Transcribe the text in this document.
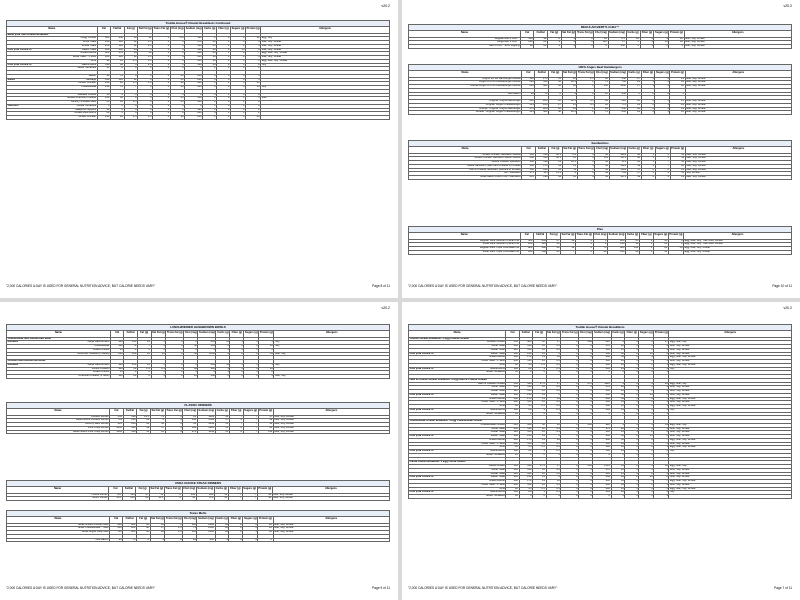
v20.2
Toddle House® Omelet Breakfasts Continued												
Name	Cal	FatCal	Fat (g)	Sat Fat (g)	Trans Fat (g)	Chol (mg)	Sodium (mg)	Carbs (g)	Fiber (g)	Sugars (g)	Protein (g)	Allergens
Build your own Omelet Breakfast												
3 Egg Omelet	400	340	38	12	0	570	520	2	0	2	12	Egg, Soy
White Toast	230	110	12	4.5	0	0	370	28	1	3	4	Milk, Soy, Wheat
Wheat Toast	220	110	12	4.5	0	0	330	25	3	2	4	Milk, Soy, Wheat

Plus your choice of Raisin Toast	300	130	14	6	0	0	360	38	2	16	6	Milk, Soy, Wheat
Grilled Biscuit	380	170	19	10	0	0	900	44	1	4	7	Egg, Milk, Soy, Wheat
Texas Toast - 1 Slice	200	110	12	4.5	0	0	300	19	1	2	3	Milk, Soy, Wheat
Grits	90	25	2.5	0.5	0	0	300	16	1	0	1	Egg, Milk, Soy, Wheat

Plus your choice of Hashbrowns	190	80	9	2.5	0	0	330	29	3	0	3	Soy
Sliced Tomatoes	10	0	0	0	0	0	0	2	1	1	1	

Bacon	90	70	8	3	0	20	350	0	0	0	5	

Meats Sausage	140	110	12	4	0	25	260	0	0	0	5	
Grilled Chicken	140	20	2.5	0.5	0	90	930	1	1	0	26	
Cheesesteak	130	70	7	3	0	50	300	0	0	0	16	Soy

Sauteed Onions	15	0	0	0	0	0	0	3	1	1	0	
Melted American Cheese	100	80	8	5	0	25	500	2	0	1	5	Milk
Hickory Smoked Ham	60	10	1.5	0	0	25	500	2	0	1	9	

Add-Ons Grilled Tomatoes	5	0	0	0	0	0	0	1	0	1	0	
Jalapeno Peppers	10	0	0	0	0	0	390	2	0	0	1	
Grilled Mushrooms	20	0	0	0	0	0	280	4	1	1	2	
Grilled Chicken	140	20	2.5	0.5	0	90	930	1	1	0	26	
"2,000 CALORIES A DAY IS USED FOR GENERAL NUTRITION ADVICE, BUT CALORIE NEEDS VARY"	Page 8 of 11
v20.2
REGULAR BERT'S CHILI™												
Name	Cal	FatCal	Fat (g)	Sat Fat (g)	Trans Fat (g)	Chol (mg)	Sodium (mg)	Carbs (g)	Fiber (g)	Sugars (g)	Protein (g)	Allergens
Regular Bert's Chili™	330	90	8	3	0	20	770	22	4	4	20	Milk, Soy, Wheat
Large Bert's Chili™	230	80	9	4	0	110	27	5	4	16	26	Milk, Soy, Wheat
Bert's Chili™ as a Topping	80	20	2	1	0	5	260	5	1	2	4	Milk, Soy, Wheat
100% Angus Beef Hamburgers												
Name	Cal	FatCal	Fat (g)	Sat Fat (g)	Trans Fat (g)	Chol (mg)	Sodium (mg)	Carbs (g)	Fiber (g)	Sugars (g)	Protein (g)	Allergens
Angus 1/4 LB Hamburger Deluxe	560	270	31	12	1.5	80	540	37	1	6	29	Milk, Soy, Wheat
Angus 1/4 LB Cheeseburger Deluxe	620	410	45	18.5	1	75	795	29	3	3	33	Milk, Soy, Wheat
Double Angus 1/4 LB Cheeseburger Deluxe	840	600	66	30	3	150	1160	37	1	9	60	Milk, Soy, Wheat

Add Bacon	90	70	8	3	0	20	350	0	0	0	5	

"Original" Angus Hamburger	465	200	22	12.5	0.5	80	520	38	2	3	21	Milk, Soy, Wheat
"Original" Angus Cheeseburger	515	240	27	15	0.5	90	770	39	2	3	24	Milk, Soy, Wheat
Double "Original" Angus Hamburger	575	280	32	16	1	90	550	38	2	3	33	Milk, Soy, Wheat
Double "Original" Angus Cheeseburger	625	420	46	18.5	1	75	800	39	2	3	35	Milk, Soy, Wheat
Sandwiches												
Name	Cal	FatCal	Fat (g)	Sat Fat (g)	Trans Fat (g)	Chol (mg)	Sodium (mg)	Carbs (g)	Fiber (g)	Sugars (g)	Protein (g)	Allergens
Grilled Chicken Sandwich Deluxe	490	190	20.5	8.5	0	90	1420	38	3	5	33	Milk, Soy, Wheat
Grilled Chicken Sandwich Bacon Deluxe	690	350	38.5	15	0	115	1670	38	3	5	39	Milk, Soy, Wheat
Grilled Cheese Sandwich	330	190	21	10.5	0	30	870	26	1	7	12	Milk, Soy, Wheat
Waffle Sandwich (Ham and Cheese on Wheat)	580	270	30	13	0	40	1320	59	3	7	20	Milk, Soy, Wheat
Fish & Cheese Sandwich (Lettuce & Tomato)	590	280	30	11	0	45	1060	57	2	8	23	Milk, Soy, Wheat
BLT Sandwich	275	115	13.5	4	0	40	780	27	1	4	12	Soy, Wheat
Texas Bacon Lover's BLT Sandwich	615	290	44	16	0	95	1470	39	2	4	23	Milk, Soy, Wheat
Pies												
Name	Cal	FatCal	Fat (g)	Sat Fat (g)	Trans Fat (g)	Chol (mg)	Sodium (mg)	Carbs (g)	Fiber (g)	Sugars (g)	Protein (g)	Allergens
Regular Slice Southern Pecan Pie	520	240	27	14	0	0	280	65	1	45	8	Egg, Milk, Soy, Tree Nuts, Wheat
Small Slice Southern Pecan Pie	260	120	13	7	0	0	140	33	1	23	4	Egg, Milk, Soy, Tree Nuts, Wheat
Regular Slice Triple Chocolate Pie	880	380	43	14	0	75	380	121	3	82	14	Egg, Milk, Soy, Wheat
Small Slice Triple Chocolate Pie	440	190	21	7	0	40	190	60	1	41	7	Egg, Milk, Soy, Wheat
"2,000 CALORIES A DAY IS USED FOR GENERAL NUTRITION ADVICE, BUT CALORIE NEEDS VARY"	Page 10 of 11
v20.2
LUNCH/DINNER HASHBROWN BOWLS												
Name	Cal	FatCal	Fat (g)	Sat Fat (g)	Trans Fat (g)	Chol (mg)	Sodium (mg)	Carbs (g)	Fiber (g)	Sugars (g)	Protein (g)	Allergens
Cheesesteak Melt Hashbrown Bowl												

Includes Large Hashbrowns	380	150	16	5	0	0	660	55	5	1	5	Soy
Cheesesteak	130	70	7	3	0	50	300	0	0	0	16	Soy
Grilled Onions	15	0	0	0	0	0	0	3	1	1	0	
American Cheese (2 Slices)	200	160	16	10	0	50	1000	4	0	2	10	Milk, Soy

Chicken Melt Hashbrown Bowl												

Includes Large Hashbrowns	380	150	16	5	0	0	660	55	5	1	5	Soy
Grilled Chicken	140	20	2.5	0.5	0	90	930	1	1	0	26	
Grilled Onions	15	0	0	0	0	0	0	3	1	1	0	
American Cheese (1 Slice)	100	80	8	5	0	25	500	2	0	1	5	Milk, Soy
CLASSIC DINNERS												
Name	Cal	FatCal	Fat (g)	Sat Fat (g)	Trans Fat (g)	Chol (mg)	Sodium (mg)	Carbs (g)	Fiber (g)	Sugars (g)	Protein (g)	Allergens
Chicken Dinner	565	190	21.5	7.5	0	80	1460	56	7	7	37	Milk, Soy, Wheat
Meat Lovers Chicken Dinner	705	220	24	6	0	140	2520	57	8	7	49	Milk, Soy, Wheat
Country Ham Dinner	625	250	28	10	0	95	2190	55	7	7	31	Milk, Soy, Wheat
Pork Chop Dinner	1005	450	49	17	0	190	2620	55	8	7	84	Milk, Soy, Wheat
Meat Lovers Pork Chop Dinner	1195	540	61	22	0	270	3330	55	8	7	113	Milk, Soy, Wheat
USDA CHOICE STEAK DINNERS												
Name	Cal	FatCal	Fat (g)	Sat Fat (g)	Trans Fat (g)	Chol (mg)	Sodium (mg)	Carbs (g)	Fiber (g)	Sugars (g)	Protein (g)	Allergens
T-Bone Dinner	725	330	37	11	2	100	930	56	7	7	42	Milk, Soy, Wheat
Sirloin Dinner	615	220	26	11.5	0	40	670	55	7	7	44	Milk, Soy, Wheat
Texas Melts												
Name	Cal	FatCal	Fat (g)	Sat Fat (g)	Trans Fat (g)	Chol (mg)	Sodium (mg)	Carbs (g)	Fiber (g)	Sugars (g)	Protein (g)	Allergens
Texas Grilled Chicken Melt	660	320	36	12	0	130	1290	46	2	6	40	Milk, Soy, Wheat
Texas Cheesesteak™ Melt	650	360	40	17	1.5	75	1400	42	2	6	28	Milk, Soy, Wheat
Texas Angus Patty Melt	730	400	50	22	1.5	100	1240	42	2	5	30	Milk, Soy, Wheat

Add Bacon	90	70	8	3	0	20	350	0	0	0	5	
"2,000 CALORIES A DAY IS USED FOR GENERAL NUTRITION ADVICE, BUT CALORIE NEEDS VARY"	Page 9 of 11
v20.2
Toddle House® Omelet Breakfasts												
Name	Cal	FatCal	Fat (g)	Sat Fat (g)	Trans Fat (g)	Chol (mg)	Sodium (mg)	Carbs (g)	Fiber (g)	Sugars (g)	Protein (g)	Allergens
Cheese Omelet Breakfast: 3 Egg Cheese Omelet												
Cheese Omelet	500	420	46	17	0	690	820	3	0	3	17	Egg, Milk, Soy
White Toast	230	110	12	4.5	0	0	370	28	1	3	4	Milk, Soy, Wheat
Wheat Toast	220	110	12	4.5	0	0	330	25	3	2	4	Milk, Soy, Wheat

Plus your choice of Raisin Toast	300	130	14	6	0	0	360	38	2	16	6	Milk, Soy, Wheat
Grilled Biscuit	380	170	19	10	0	0	900	44	1	4	7	Egg, Milk, Soy, Wheat
Texas Toast - 1 Slice	200	110	12	4.5	0	0	300	19	1	2	3	Milk, Soy, Wheat
Grits	90	25	2.5	0.5	0	0	300	16	1	0	1	Egg, Milk, Soy, Wheat

Plus your choice of Hashbrowns	190	80	9	2.5	0	0	330	29	3	0	3	Soy
Sliced Tomatoes	10	0	0	0	0	0	0	2	1	1	1	

Ham & Cheese Omelet Breakfast: 3 Egg Ham & Cheese Omelet												
Ham & Cheese Omelet	560	430	47.5	17	0	670	1120	3	0	4	26	Egg, Milk, Soy
White Toast	230	110	12	4.5	0	0	370	28	1	3	4	Milk, Soy, Wheat
Wheat Toast	220	110	12	4.5	0	0	330	25	3	2	4	Milk, Soy, Wheat

Plus your choice of Raisin Toast	300	130	14	6	0	0	360	38	2	16	6	Milk, Soy, Wheat
Grilled Biscuit	380	170	19	10	0	0	900	44	1	4	7	Egg, Milk, Soy, Wheat
Texas Toast - 1 Slice	200	110	12	4.5	0	0	300	19	1	2	3	Milk, Soy, Wheat
Grits	90	25	2.5	0.5	0	0	300	16	1	0	1	Egg, Milk, Soy, Wheat

Plus your choice of Hashbrowns	190	80	9	2.5	0	0	330	29	3	0	3	Soy
Sliced Tomatoes	10	0	0	0	0	0	0	2	1	1	1	

Cheesesteak Omelet Breakfast: 3 Egg Cheesesteak Omelet												
Cheesesteak Omelet	630	450	50	20	0	645	920	3	0	3	33	Egg, Milk, Soy
White Toast	230	110	12	4.5	0	0	370	28	1	3	4	Milk, Soy, Wheat
Wheat Toast	220	110	12	4.5	0	0	330	25	3	2	4	Milk, Soy, Wheat

Plus your choice of Raisin Toast	300	130	14	6	0	0	360	38	2	16	6	Milk, Soy, Wheat
Grilled Biscuit	380	170	19	10	0	0	900	44	1	4	7	Egg, Milk, Soy, Wheat
Texas Toast - 1 Slice	200	110	12	4.5	0	0	300	19	1	2	3	Milk, Soy, Wheat
Grits	90	25	2.5	0.5	0	0	300	16	1	0	1	Egg, Milk, Soy, Wheat

Plus your choice of Hashbrowns	190	80	9	2.5	0	0	330	29	3	0	3	Soy
Sliced Tomatoes	10	0	0	0	0	0	0	2	1	1	1	

Fiesta Omelet Breakfast: 3 Egg Fiesta Omelet												
Fiesta Omelet	590	430	47.5	17	0	630	1510	11	2	6	26	Egg, Milk, Soy
White Toast	230	110	12	4.5	0	0	370	28	1	3	4	Milk, Soy, Wheat
Wheat Toast	220	110	12	4.5	0	0	330	25	3	2	4	Milk, Soy, Wheat

Plus your choice of Raisin Toast	300	130	14	6	0	0	360	38	2	16	6	Milk, Soy, Wheat
Grilled Biscuit	380	170	19	10	0	0	900	44	1	4	7	Egg, Milk, Soy, Wheat
Texas Toast - 1 Slice	200	110	12	4.5	0	0	300	19	1	2	3	Milk, Soy, Wheat
Grits	90	25	2.5	0.5	0	0	300	16	1	0	1	Egg, Milk, Soy, Wheat

Plus your choice of Hashbrowns	190	80	9	2.5	0	0	330	29	3	0	3	Soy
Sliced Tomatoes	10	0	0	0	0	0	0	2	1	1	1	
"2,000 CALORIES A DAY IS USED FOR GENERAL NUTRITION ADVICE, BUT CALORIE NEEDS VARY"	Page 7 of 11
